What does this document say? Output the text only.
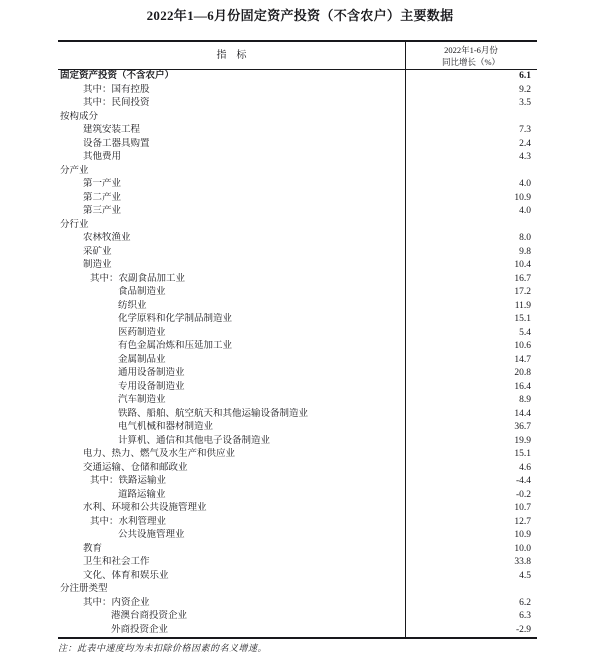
2022年1—6月份固定资产投资（不含农户）主要数据
指　标	2022年1-6月份
同比增长（%）
固定资产投资（不含农户）	6.1
其中：国有控股	9.2
其中：民间投资	3.5
按构成分
建筑安装工程	7.3
设备工器具购置	2.4
其他费用	4.3
分产业
第一产业	4.0
第二产业	10.9
第三产业	4.0
分行业
农林牧渔业	8.0
采矿业	9.8
制造业	10.4
其中：农副食品加工业	16.7
食品制造业	17.2
纺织业	11.9
化学原料和化学制品制造业	15.1
医药制造业	5.4
有色金属冶炼和压延加工业	10.6
金属制品业	14.7
通用设备制造业	20.8
专用设备制造业	16.4
汽车制造业	8.9
铁路、船舶、航空航天和其他运输设备制造业	14.4
电气机械和器材制造业	36.7
计算机、通信和其他电子设备制造业	19.9
电力、热力、燃气及水生产和供应业	15.1
交通运输、仓储和邮政业	4.6
其中：铁路运输业	-4.4
道路运输业	-0.2
水利、环境和公共设施管理业	10.7
其中：水利管理业	12.7
公共设施管理业	10.9
教育	10.0
卫生和社会工作	33.8
文化、体育和娱乐业	4.5
分注册类型
其中：内资企业	6.2
港澳台商投资企业	6.3
外商投资企业	-2.9
注：此表中速度均为未扣除价格因素的名义增速。
